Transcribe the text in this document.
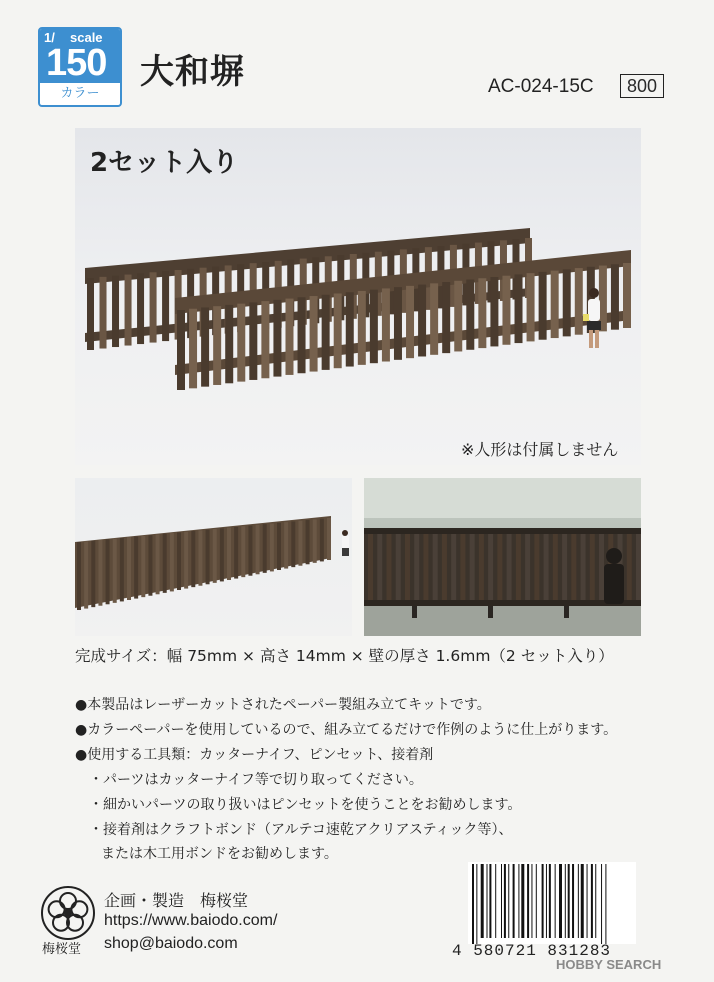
1/ scale
150
カラー
大和塀	AC-024-15C	800
2セット入り
※人形は付属しません
完成サイズ：幅 75mm × 高さ 14mm × 壁の厚さ 1.6mm（2 セット入り）
●本製品はレーザーカットされたペーパー製組み立てキットです。
●カラーペーパーを使用しているので、組み立てるだけで作例のように仕上がります。
●使用する工具類：カッターナイフ、ピンセット、接着剤
・パーツはカッターナイフ等で切り取ってください。
・細かいパーツの取り扱いはピンセットを使うことをお勧めします。
・接着剤はクラフトボンド（アルテコ速乾アクリアスティック等）、
または木工用ボンドをお勧めします。
梅桜堂
企画・製造　梅桜堂
https://www.baiodo.com/
shop@baiodo.com	4 580721 831283
HOBBY SEARCH
